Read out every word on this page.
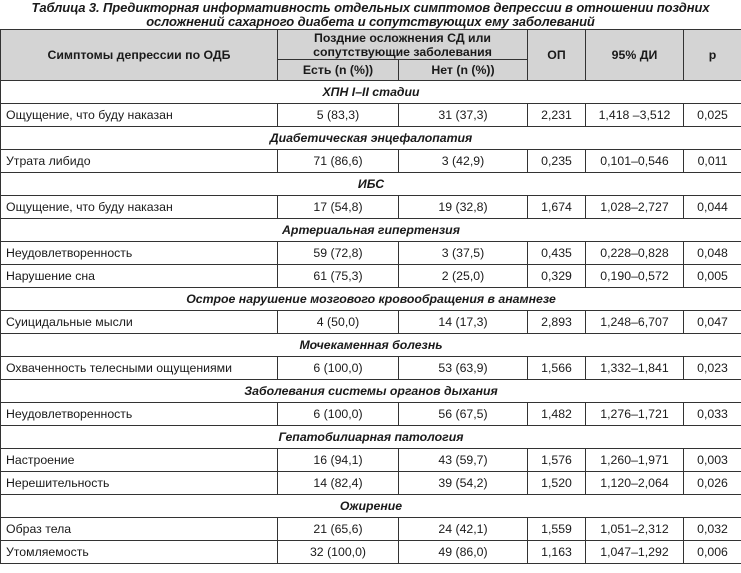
Таблица 3. Предикторная информативность отдельных симптомов депрессии в отношении поздних осложнений сахарного диабета и сопутствующих ему заболеваний
Симптомы депрессии по ОДБ	Поздние осложнения СД или сопутствующие заболевания		ОП	95% ДИ	p
	Есть (n (%))	Нет (n (%))			
ХПН I–II стадии					
Ощущение, что буду наказан	5 (83,3)	31 (37,3)	2,231	1,418 –3,512	0,025
Диабетическая энцефалопатия					
Утрата либидо	71 (86,6)	3 (42,9)	0,235	0,101–0,546	0,011
ИБС					
Ощущение, что буду наказан	17 (54,8)	19 (32,8)	1,674	1,028–2,727	0,044
Артериальная гипертензия					
Неудовлетворенность	59 (72,8)	3 (37,5)	0,435	0,228–0,828	0,048
Нарушение сна	61 (75,3)	2 (25,0)	0,329	0,190–0,572	0,005
Острое нарушение мозгового кровообращения в анамнезе					
Суицидальные мысли	4 (50,0)	14 (17,3)	2,893	1,248–6,707	0,047
Мочекаменная болезнь					
Охваченность телесными ощущениями	6 (100,0)	53 (63,9)	1,566	1,332–1,841	0,023
Заболевания системы органов дыхания					
Неудовлетворенность	6 (100,0)	56 (67,5)	1,482	1,276–1,721	0,033
Гепатобилиарная патология					
Настроение	16 (94,1)	43 (59,7)	1,576	1,260–1,971	0,003
Нерешительность	14 (82,4)	39 (54,2)	1,520	1,120–2,064	0,026
Ожирение					
Образ тела	21 (65,6)	24 (42,1)	1,559	1,051–2,312	0,032
Утомляемость	32 (100,0)	49 (86,0)	1,163	1,047–1,292	0,006
